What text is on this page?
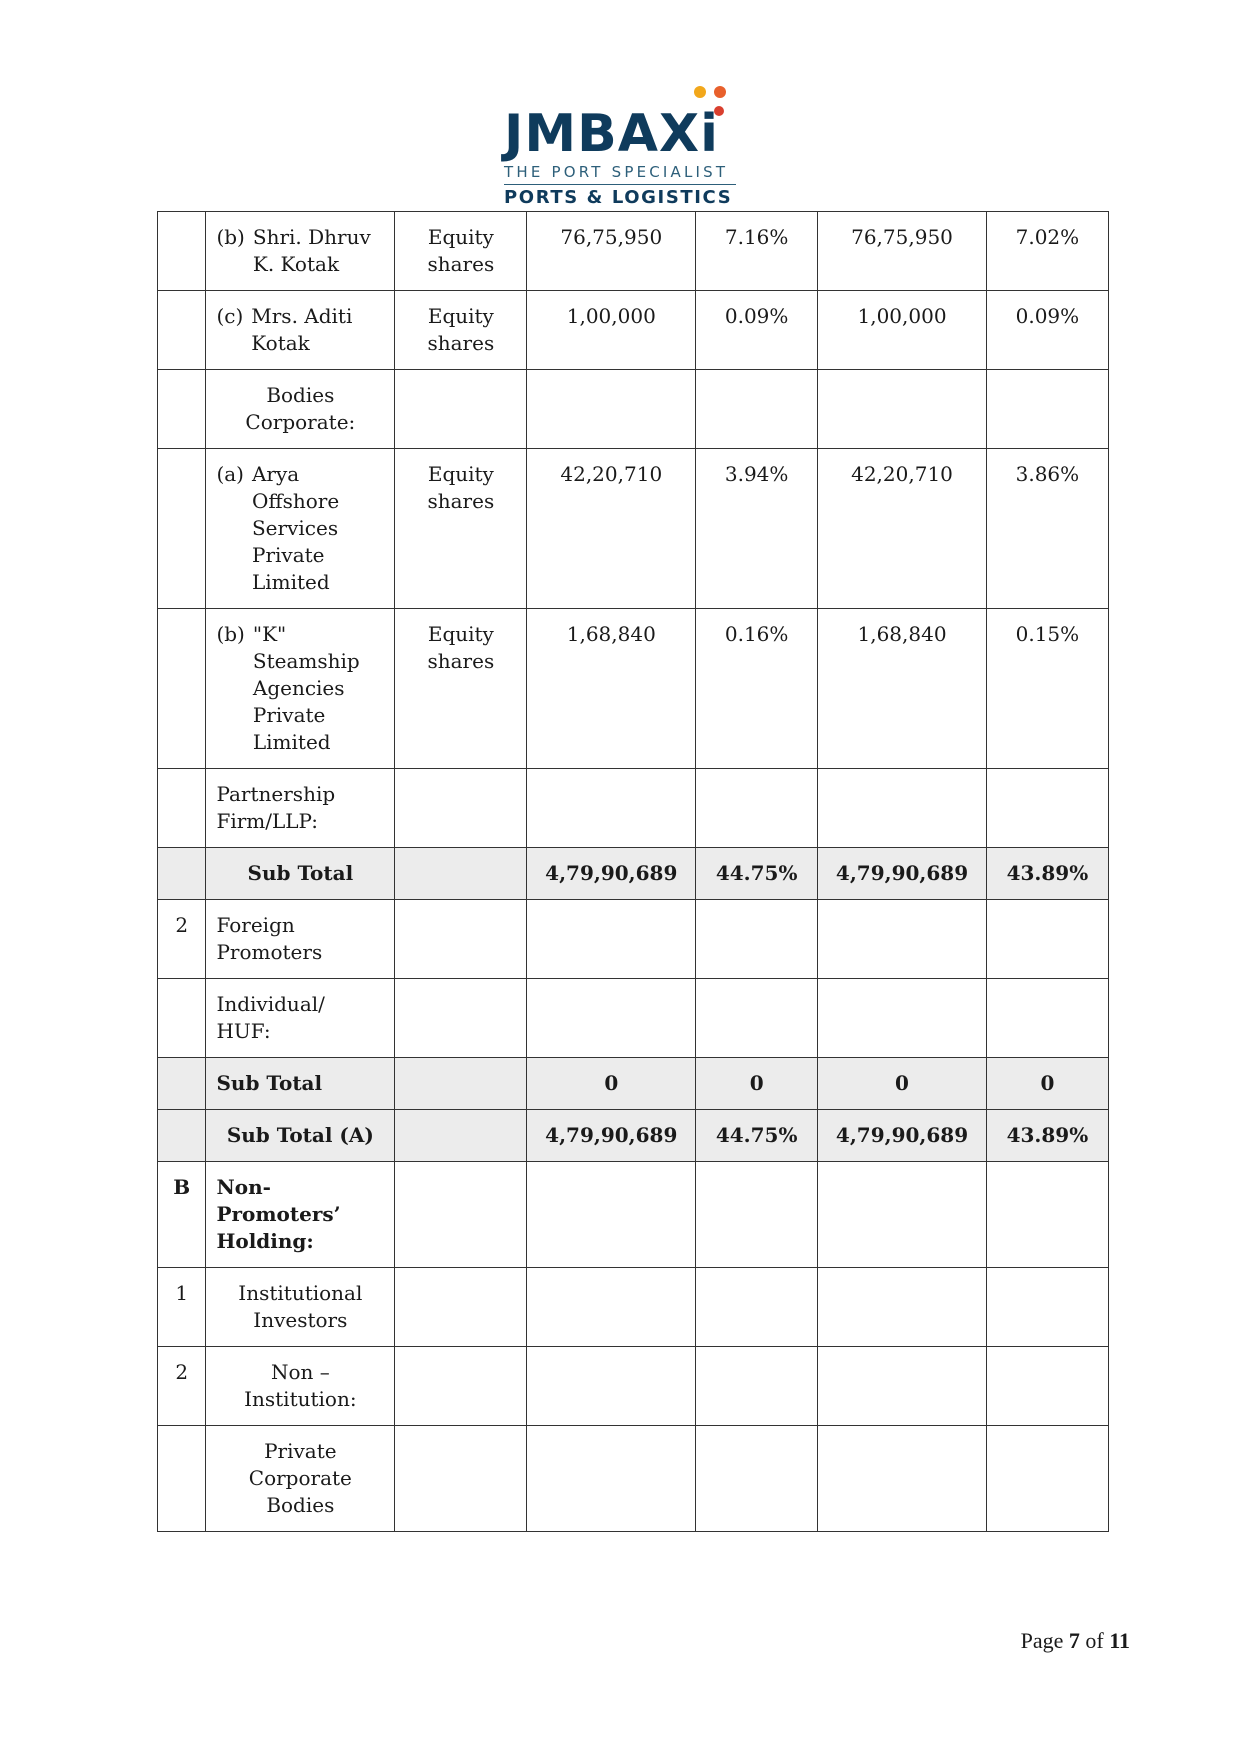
JMBAXi
THE PORT SPECIALIST
PORTS & LOGISTICS

	(b) Shri. Dhruv K. Kotak	Equity shares	76,75,950	7.16%	76,75,950	7.02%

	(c) Mrs. Aditi Kotak	Equity shares	1,00,000	0.09%	1,00,000	0.09%
	Bodies Corporate:					

	(a) Arya Offshore Services Private Limited	Equity shares	42,20,710	3.94%	42,20,710	3.86%

	(b) "K" Steamship Agencies Private Limited	Equity shares	1,68,840	0.16%	1,68,840	0.15%
	Partnership Firm/LLP:					
	Sub Total		4,79,90,689	44.75%	4,79,90,689	43.89%
2	Foreign Promoters					
	Individual/ HUF:					
	Sub Total		0	0	0	0
	Sub Total (A)		4,79,90,689	44.75%	4,79,90,689	43.89%
B	Non-Promoters’ Holding:					
1	Institutional Investors					
2	Non – Institution:					
	Private Corporate Bodies					
Page 7 of 11
